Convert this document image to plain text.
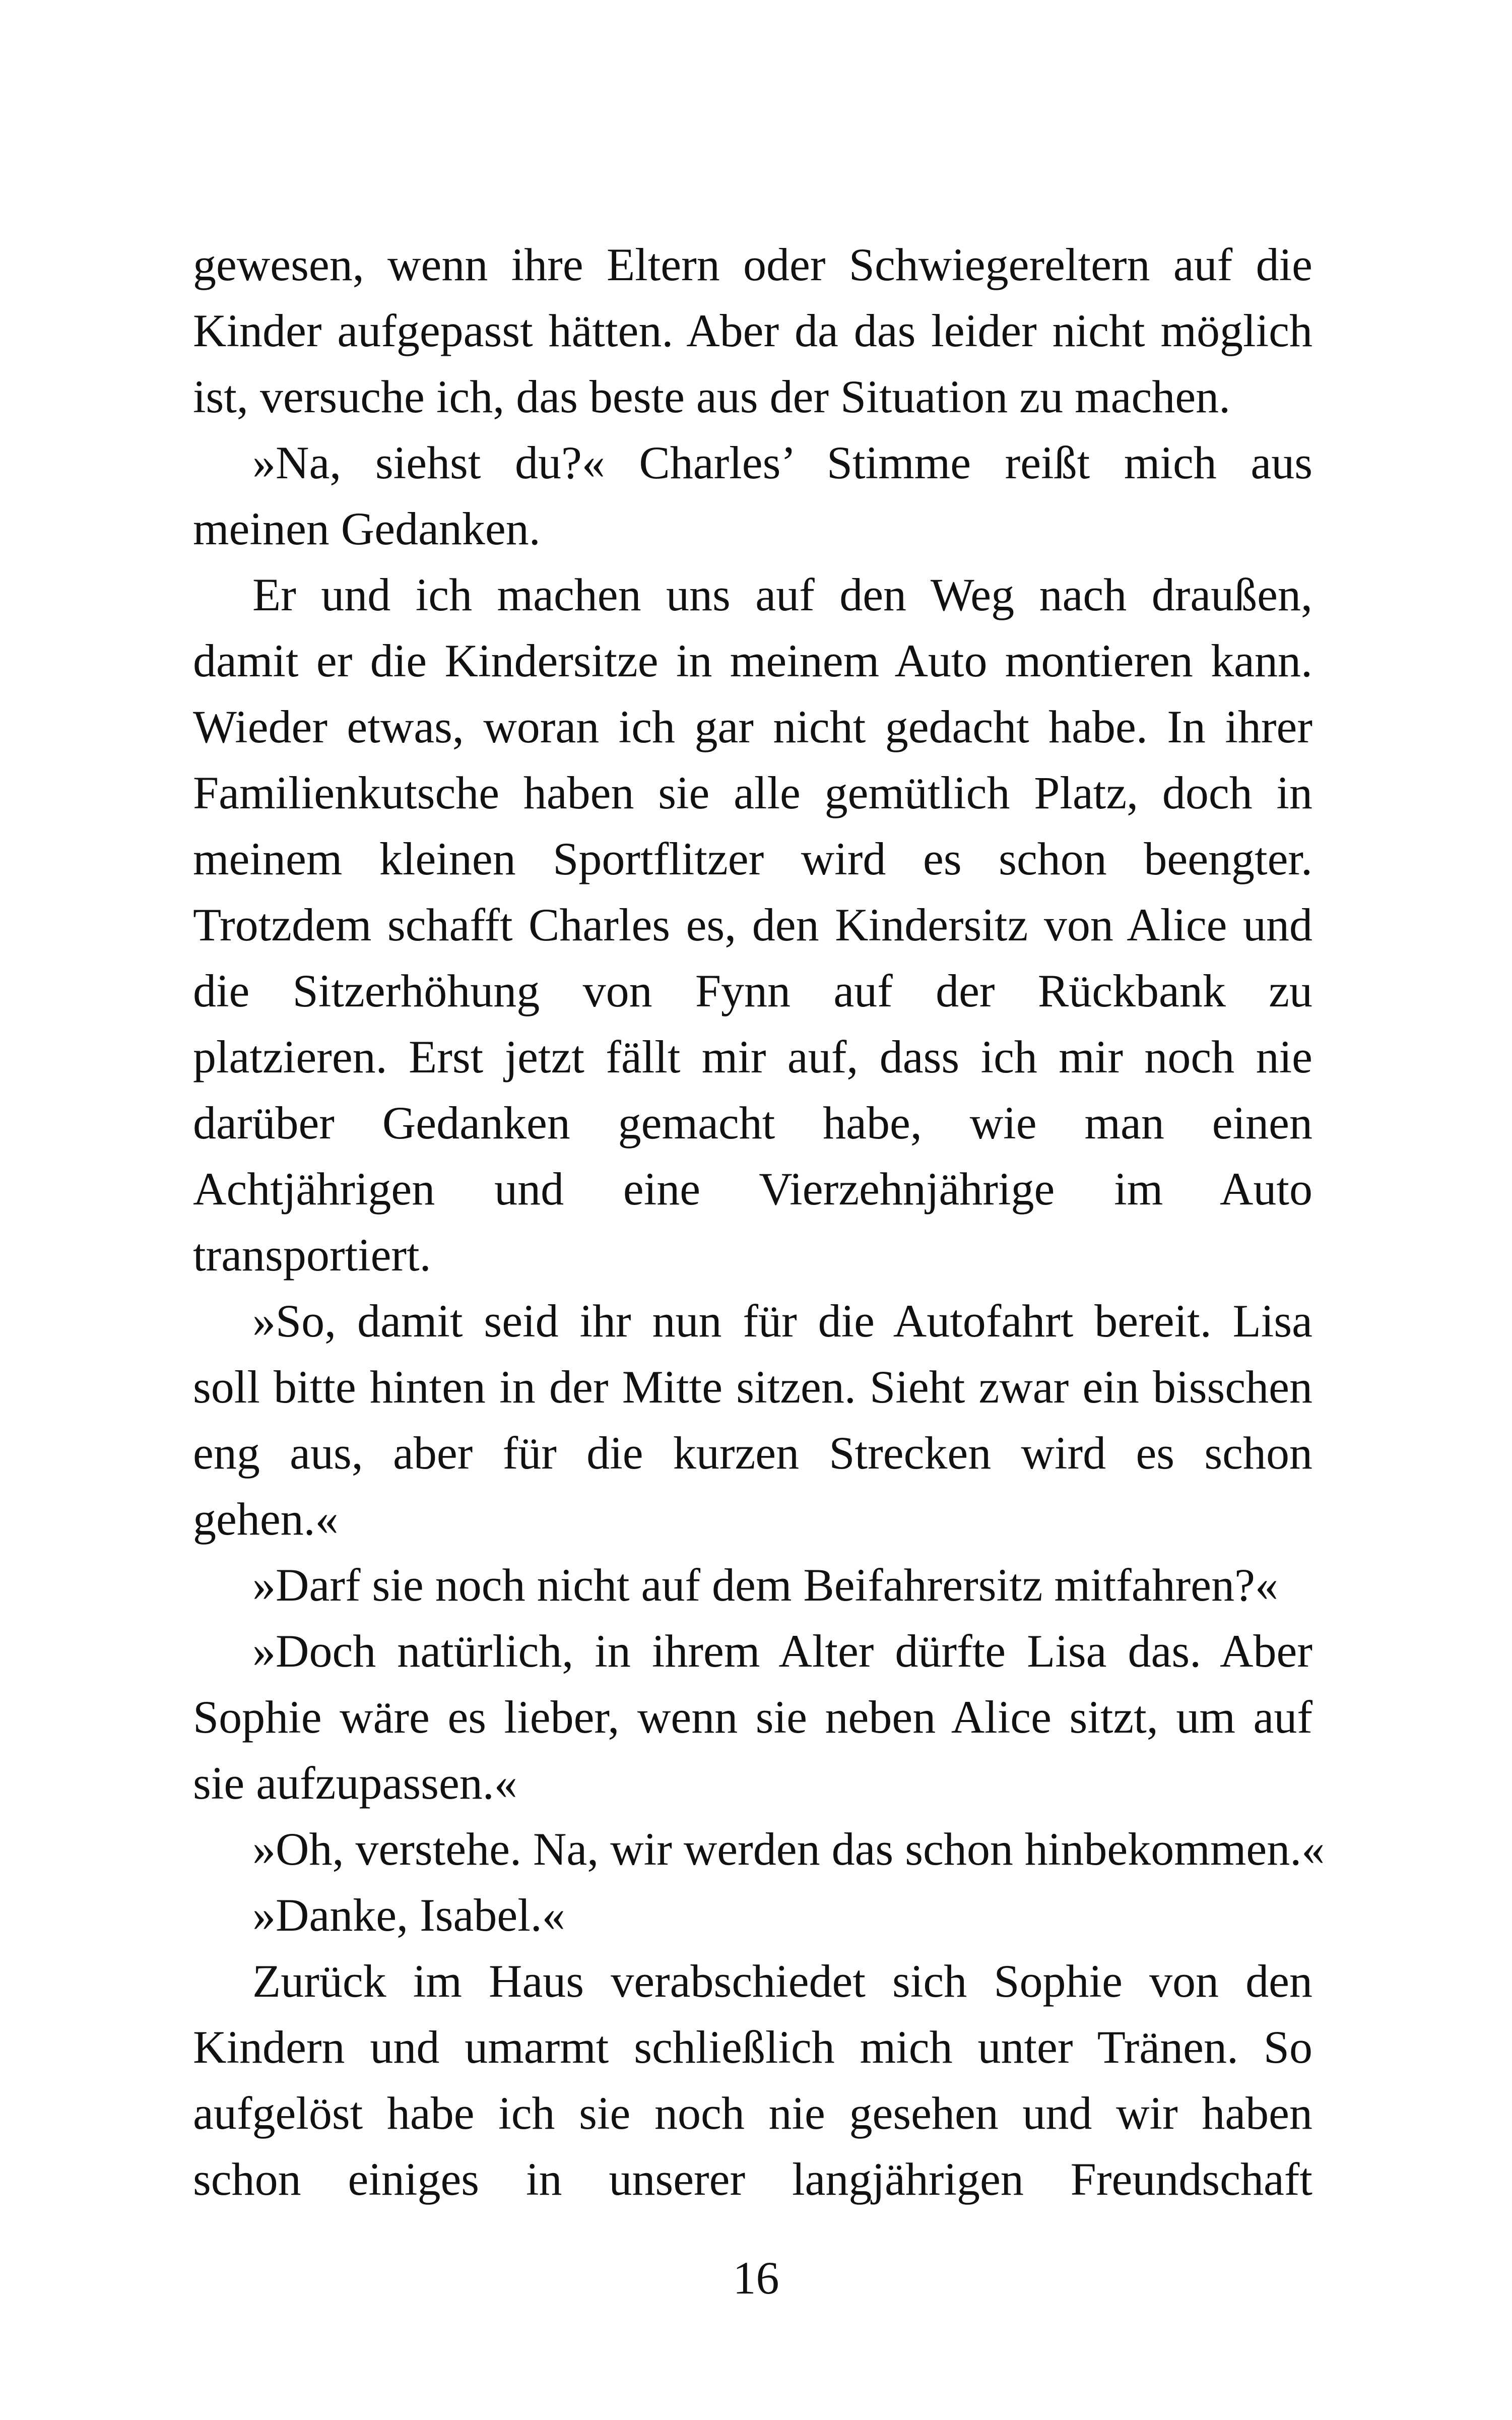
gewesen, wenn ihre Eltern oder Schwiegereltern auf die
Kinder aufgepasst hätten. Aber da das leider nicht möglich
ist, versuche ich, das beste aus der Situation zu machen.
»Na, siehst du?« Charles’ Stimme reißt mich aus
meinen Gedanken.
Er und ich machen uns auf den Weg nach draußen,
damit er die Kindersitze in meinem Auto montieren kann.
Wieder etwas, woran ich gar nicht gedacht habe. In ihrer
Familienkutsche haben sie alle gemütlich Platz, doch in
meinem kleinen Sportflitzer wird es schon beengter.
Trotzdem schafft Charles es, den Kindersitz von Alice und
die Sitzerhöhung von Fynn auf der Rückbank zu
platzieren. Erst jetzt fällt mir auf, dass ich mir noch nie
darüber Gedanken gemacht habe, wie man einen
Achtjährigen und eine Vierzehnjährige im Auto
transportiert.
»So, damit seid ihr nun für die Autofahrt bereit. Lisa
soll bitte hinten in der Mitte sitzen. Sieht zwar ein bisschen
eng aus, aber für die kurzen Strecken wird es schon
gehen.«
»Darf sie noch nicht auf dem Beifahrersitz mitfahren?«
»Doch natürlich, in ihrem Alter dürfte Lisa das. Aber
Sophie wäre es lieber, wenn sie neben Alice sitzt, um auf
sie aufzupassen.«
»Oh, verstehe. Na, wir werden das schon hinbekommen.«
»Danke, Isabel.«
Zurück im Haus verabschiedet sich Sophie von den
Kindern und umarmt schließlich mich unter Tränen. So
aufgelöst habe ich sie noch nie gesehen und wir haben
schon einiges in unserer langjährigen Freundschaft
16
